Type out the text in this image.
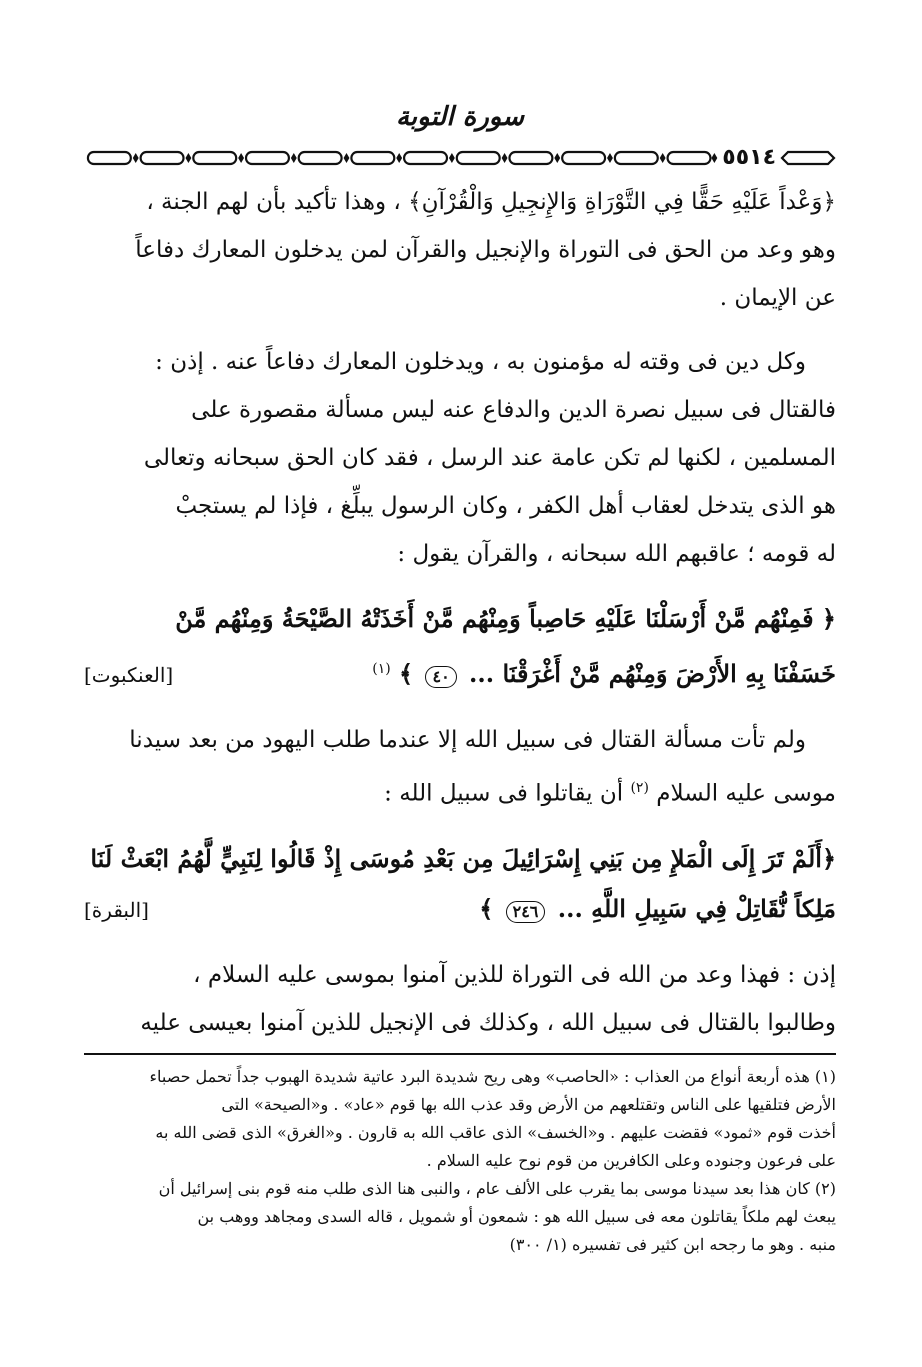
سورة التوبة
٥٥١٤

﴿وَعْداً عَلَيْهِ حَقًّا فِي التَّوْرَاةِ وَالإِنجِيلِ وَالْقُرْآنِ﴾ ، وهذا تأكيد بأن لهم الجنة ،

وهو وعد من الحق فى التوراة والإنجيل والقرآن لمن يدخلون المعارك دفاعاً

عن الإيمان .

وكل دين فى وقته له مؤمنون به ، ويدخلون المعارك دفاعاً عنه . إذن :

فالقتال فى سبيل نصرة الدين والدفاع عنه ليس مسألة مقصورة على

المسلمين ، لكنها لم تكن عامة عند الرسل ، فقد كان الحق سبحانه وتعالى

هو الذى يتدخل لعقاب أهل الكفر ، وكان الرسول يبلِّغ ، فإذا لم يستجبْ

له قومه ؛ عاقبهم الله سبحانه ، والقرآن يقول :

﴿ فَمِنْهُم مَّنْ أَرْسَلْنَا عَلَيْهِ حَاصِباً وَمِنْهُم مَّنْ أَخَذَتْهُ الصَّيْحَةُ وَمِنْهُم مَّنْ

خَسَفْنَا بِهِ الأَرْضَ وَمِنْهُم مَّنْ أَغْرَقْنَا ... ٤٠ ﴾ $^{(١)}$
[العنكبوت]

ولم تأت مسألة القتال فى سبيل الله إلا عندما طلب اليهود من بعد سيدنا

موسى عليه السلام $^{(٢)}$ أن يقاتلوا فى سبيل الله :

﴿أَلَمْ تَرَ إِلَى الْمَلإِ مِن بَنِي إِسْرَائِيلَ مِن بَعْدِ مُوسَى إِذْ قَالُوا لِنَبِيٍّ لَّهُمُ ابْعَثْ لَنَا

مَلِكاً نُّقَاتِلْ فِي سَبِيلِ اللَّهِ ... ٢٤٦ ﴾
[البقرة]

إذن : فهذا وعد من الله فى التوراة للذين آمنوا بموسى عليه السلام ،

وطالبوا بالقتال فى سبيل الله ، وكذلك فى الإنجيل للذين آمنوا بعيسى عليه

(١) هذه أربعة أنواع من العذاب : «الحاصب» وهى ريح شديدة البرد عاتية شديدة الهبوب جداً تحمل حصباء

الأرض فتلقيها على الناس وتقتلعهم من الأرض وقد عذب الله بها قوم «عاد» . و«الصيحة» التى

أخذت قوم «ثمود» فقضت عليهم . و«الخسف» الذى عاقب الله به قارون . و«الغرق» الذى قضى الله به

على فرعون وجنوده وعلى الكافرين من قوم نوح عليه السلام .

(٢) كان هذا بعد سيدنا موسى بما يقرب على الألف عام ، والنبى هنا الذى طلب منه قوم بنى إسرائيل أن

يبعث لهم ملكاً يقاتلون معه فى سبيل الله هو : شمعون أو شمويل ، قاله السدى ومجاهد ووهب بن

منبه . وهو ما رجحه ابن كثير فى تفسيره (١/ ٣٠٠)
